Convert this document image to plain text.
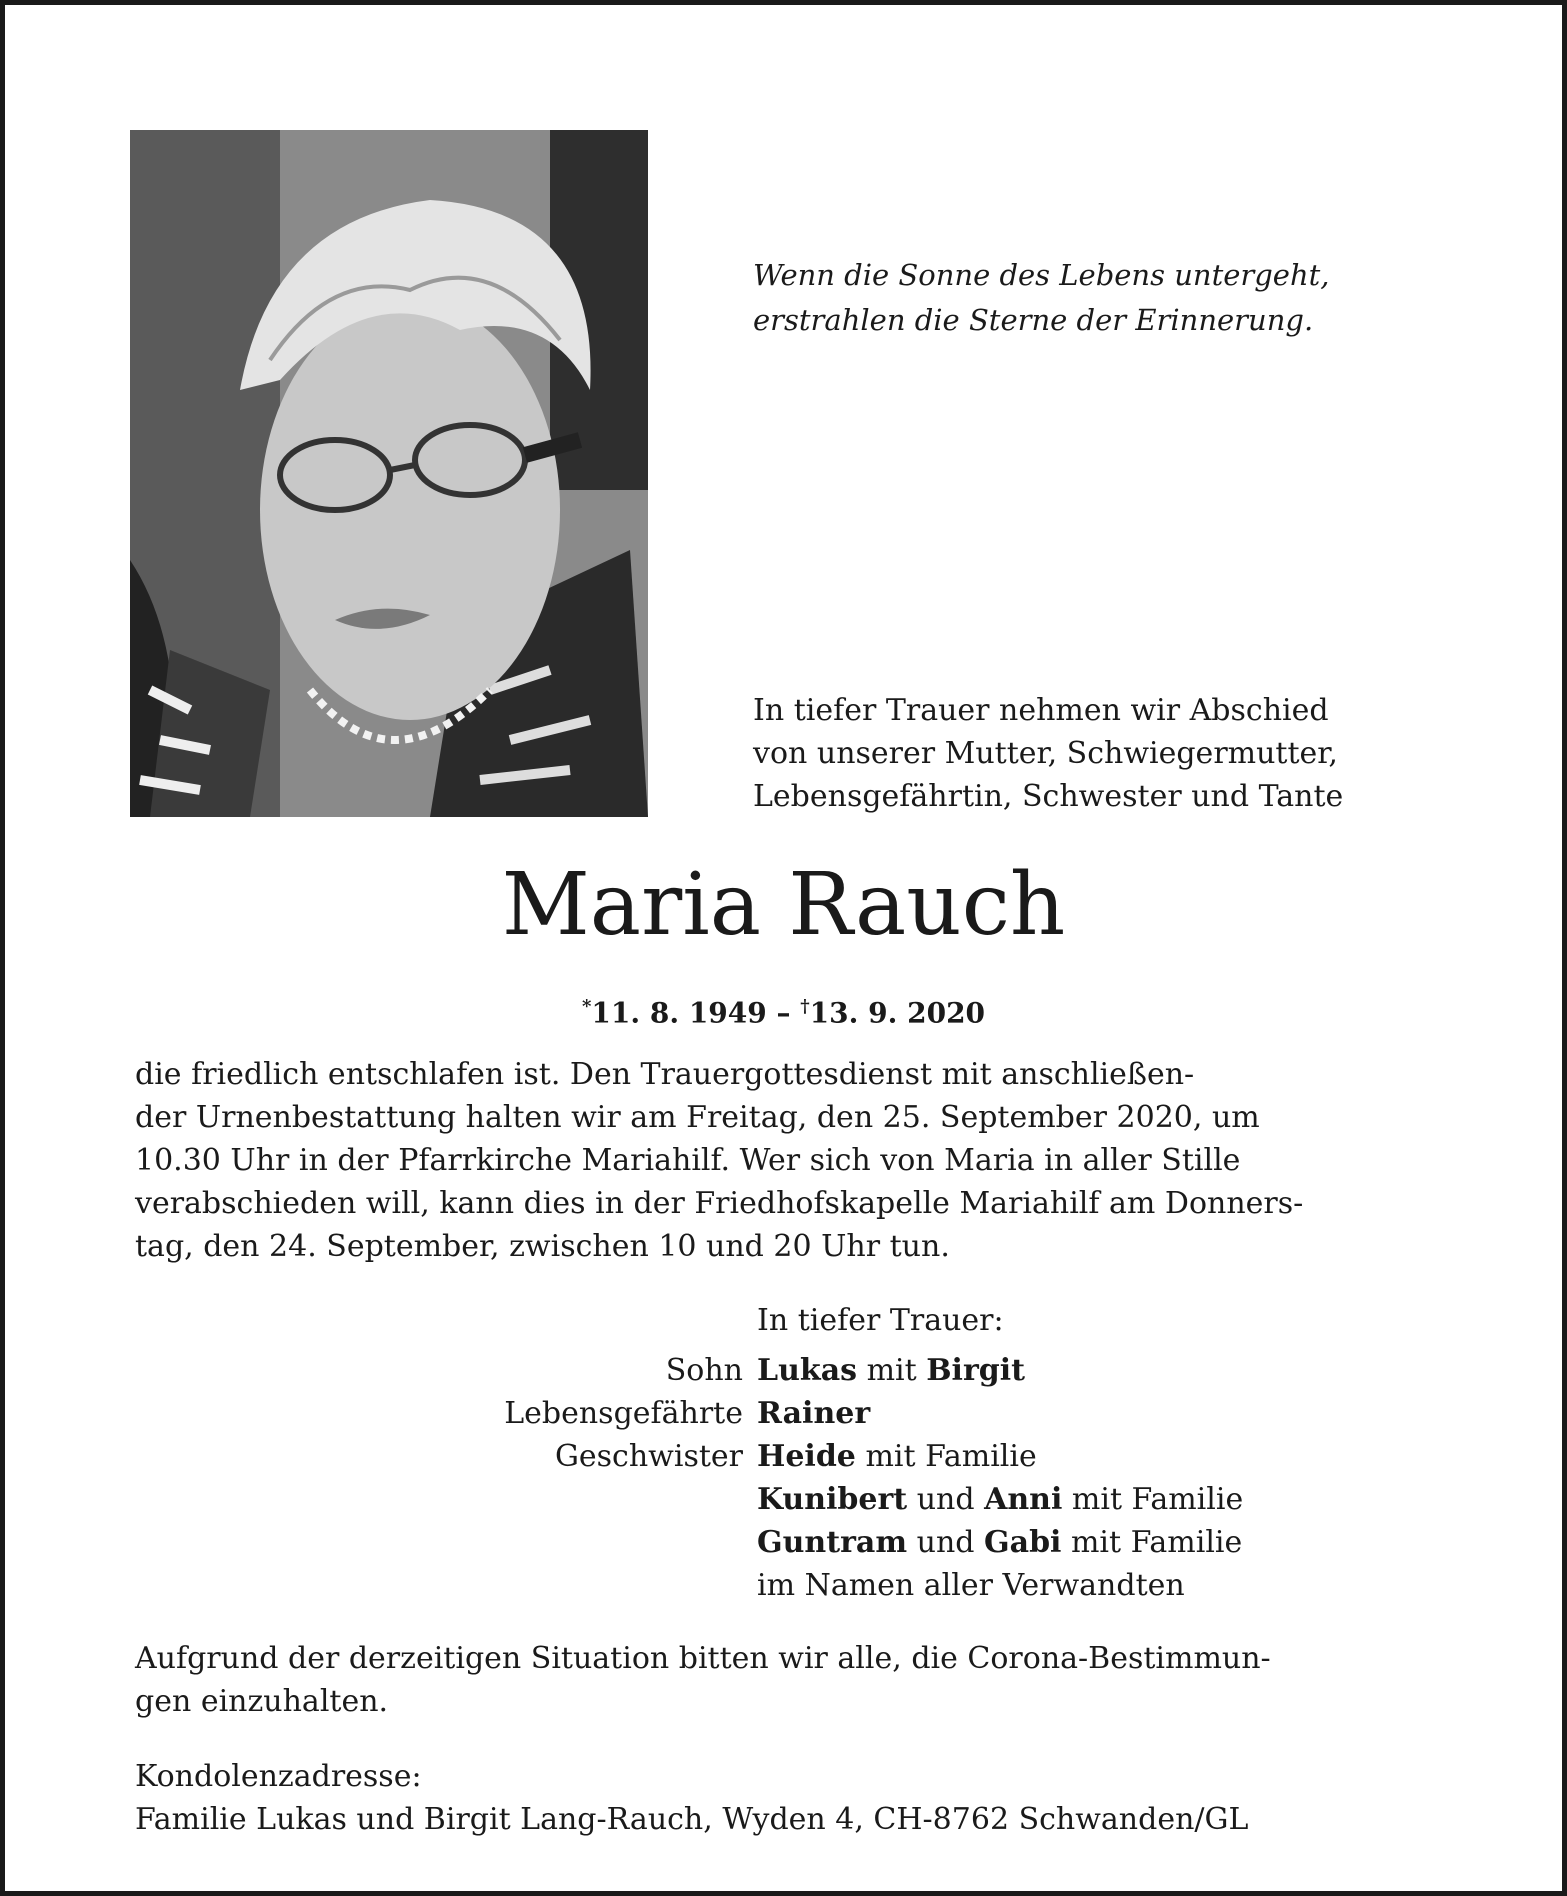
Wenn die Sonne des Lebens untergeht,
erstrahlen die Sterne der Erinnerung.
In tiefer Trauer nehmen wir Abschied
von unserer Mutter, Schwiegermutter,
Lebensgefährtin, Schwester und Tante
Maria Rauch
*11. 8. 1949 – †13. 9. 2020
die friedlich entschlafen ist. Den Trauergottesdienst mit anschließen-
der Urnenbestattung halten wir am Freitag, den 25. September 2020, um
10.30 Uhr in der Pfarrkirche Mariahilf. Wer sich von Maria in aller Stille
verabschieden will, kann dies in der Friedhofskapelle Mariahilf am Donners-
tag, den 24. September, zwischen 10 und 20 Uhr tun.
In tiefer Trauer:
Sohn Lukas mit Birgit
Lebensgefährte Rainer
Geschwister Heide mit Familie
Kunibert und Anni mit Familie
Guntram und Gabi mit Familie
im Namen aller Verwandten
Aufgrund der derzeitigen Situation bitten wir alle, die Corona-Bestimmun-
gen einzuhalten.
Kondolenzadresse:
Familie Lukas und Birgit Lang-Rauch, Wyden 4, CH-8762 Schwanden/GL
